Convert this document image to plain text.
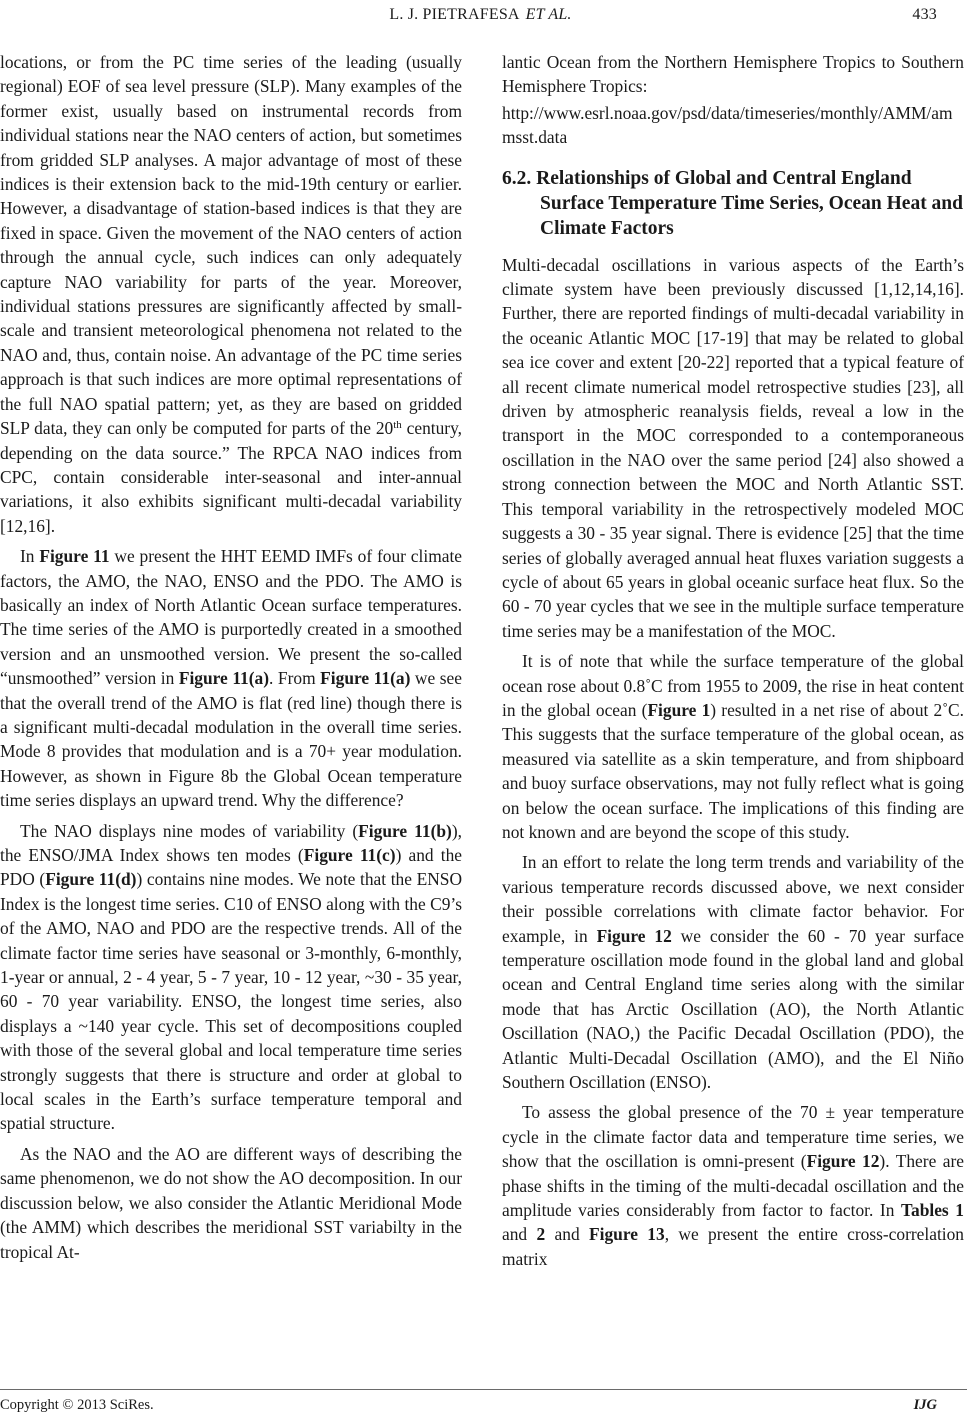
L. J. PIETRAFESA ET AL.	433

locations, or from the PC time series of the leading (usually regional) EOF of sea level pressure (SLP). Many examples of the former exist, usually based on instrumental records from individual stations near the NAO centers of action, but sometimes from gridded SLP analyses. A major advantage of most of these indices is their extension back to the mid-19th century or earlier. However, a disadvantage of station-based indices is that they are fixed in space. Given the movement of the NAO centers of action through the annual cycle, such indices can only adequately capture NAO variability for parts of the year. Moreover, individual stations pressures are significantly affected by small-scale and transient meteorological phenomena not related to the NAO and, thus, contain noise. An advantage of the PC time series approach is that such indices are more optimal representations of the full NAO spatial pattern; yet, as they are based on gridded SLP data, they can only be computed for parts of the 20th century, depending on the data source.” The RPCA NAO indices from CPC, contain considerable inter-seasonal and inter-annual variations, it also exhibits significant multi-decadal variability [12,16].

In Figure 11 we present the HHT EEMD IMFs of four climate factors, the AMO, the NAO, ENSO and the PDO. The AMO is basically an index of North Atlantic Ocean surface temperatures. The time series of the AMO is purportedly created in a smoothed version and an unsmoothed version. We present the so-called “unsmoothed” version in Figure 11(a). From Figure 11(a) we see that the overall trend of the AMO is flat (red line) though there is a significant multi-decadal modulation in the overall time series. Mode 8 provides that modulation and is a 70+ year modulation. However, as shown in Figure 8b the Global Ocean temperature time series displays an upward trend. Why the difference?

The NAO displays nine modes of variability (Figure 11(b)), the ENSO/JMA Index shows ten modes (Figure 11(c)) and the PDO (Figure 11(d)) contains nine modes. We note that the ENSO Index is the longest time series. C10 of ENSO along with the C9’s of the AMO, NAO and PDO are the respective trends. All of the climate factor time series have seasonal or 3-monthly, 6-monthly, 1-year or annual, 2 - 4 year, 5 - 7 year, 10 - 12 year, ~30 - 35 year, 60 - 70 year variability. ENSO, the longest time series, also displays a ~140 year cycle. This set of decompositions coupled with those of the several global and local temperature time series strongly suggests that there is structure and order at global to local scales in the Earth’s surface temperature temporal and spatial structure.

As the NAO and the AO are different ways of describing the same phenomenon, we do not show the AO decomposition. In our discussion below, we also consider the Atlantic Meridional Mode (the AMM) which describes the meridional SST variabilty in the tropical At-

lantic Ocean from the Northern Hemisphere Tropics to Southern Hemisphere Tropics:

http://www.esrl.noaa.gov/psd/data/timeseries/monthly/AMM/ammsst.data

6.2. Relationships of Global and Central England Surface Temperature Time Series, Ocean Heat and Climate Factors

Multi-decadal oscillations in various aspects of the Earth’s climate system have been previously discussed [1,12,14,16]. Further, there are reported findings of multi-decadal variability in the oceanic Atlantic MOC [17-19] that may be related to global sea ice cover and extent [20-22] reported that a typical feature of all recent climate numerical model retrospective studies [23], all driven by atmospheric reanalysis fields, reveal a low in the transport in the MOC corresponded to a contemporaneous oscillation in the NAO over the same period [24] also showed a strong connection between the MOC and North Atlantic SST. This temporal variability in the retrospectively modeled MOC suggests a 30 - 35 year signal. There is evidence [25] that the time series of globally averaged annual heat fluxes variation suggests a cycle of about 65 years in global oceanic surface heat flux. So the 60 - 70 year cycles that we see in the multiple surface temperature time series may be a manifestation of the MOC.

It is of note that while the surface temperature of the global ocean rose about 0.8˚C from 1955 to 2009, the rise in heat content in the global ocean (Figure 1) resulted in a net rise of about 2˚C. This suggests that the surface temperature of the global ocean, as measured via satellite as a skin temperature, and from shipboard and buoy surface observations, may not fully reflect what is going on below the ocean surface. The implications of this finding are not known and are beyond the scope of this study.

In an effort to relate the long term trends and variability of the various temperature records discussed above, we next consider their possible correlations with climate factor behavior. For example, in Figure 12 we consider the 60 - 70 year surface temperature oscillation mode found in the global land and global ocean and Central England time series along with the similar mode that has Arctic Oscillation (AO), the North Atlantic Oscillation (NAO,) the Pacific Decadal Oscillation (PDO), the Atlantic Multi-Decadal Oscillation (AMO), and the El Niño Southern Oscillation (ENSO).

To assess the global presence of the 70 ± year temperature cycle in the climate factor data and temperature time series, we show that the oscillation is omni-present (Figure 12). There are phase shifts in the timing of the multi-decadal oscillation and the amplitude varies considerably from factor to factor. In Tables 1 and 2 and Figure 13, we present the entire cross-correlation matrix

Copyright © 2013 SciRes.	IJG
